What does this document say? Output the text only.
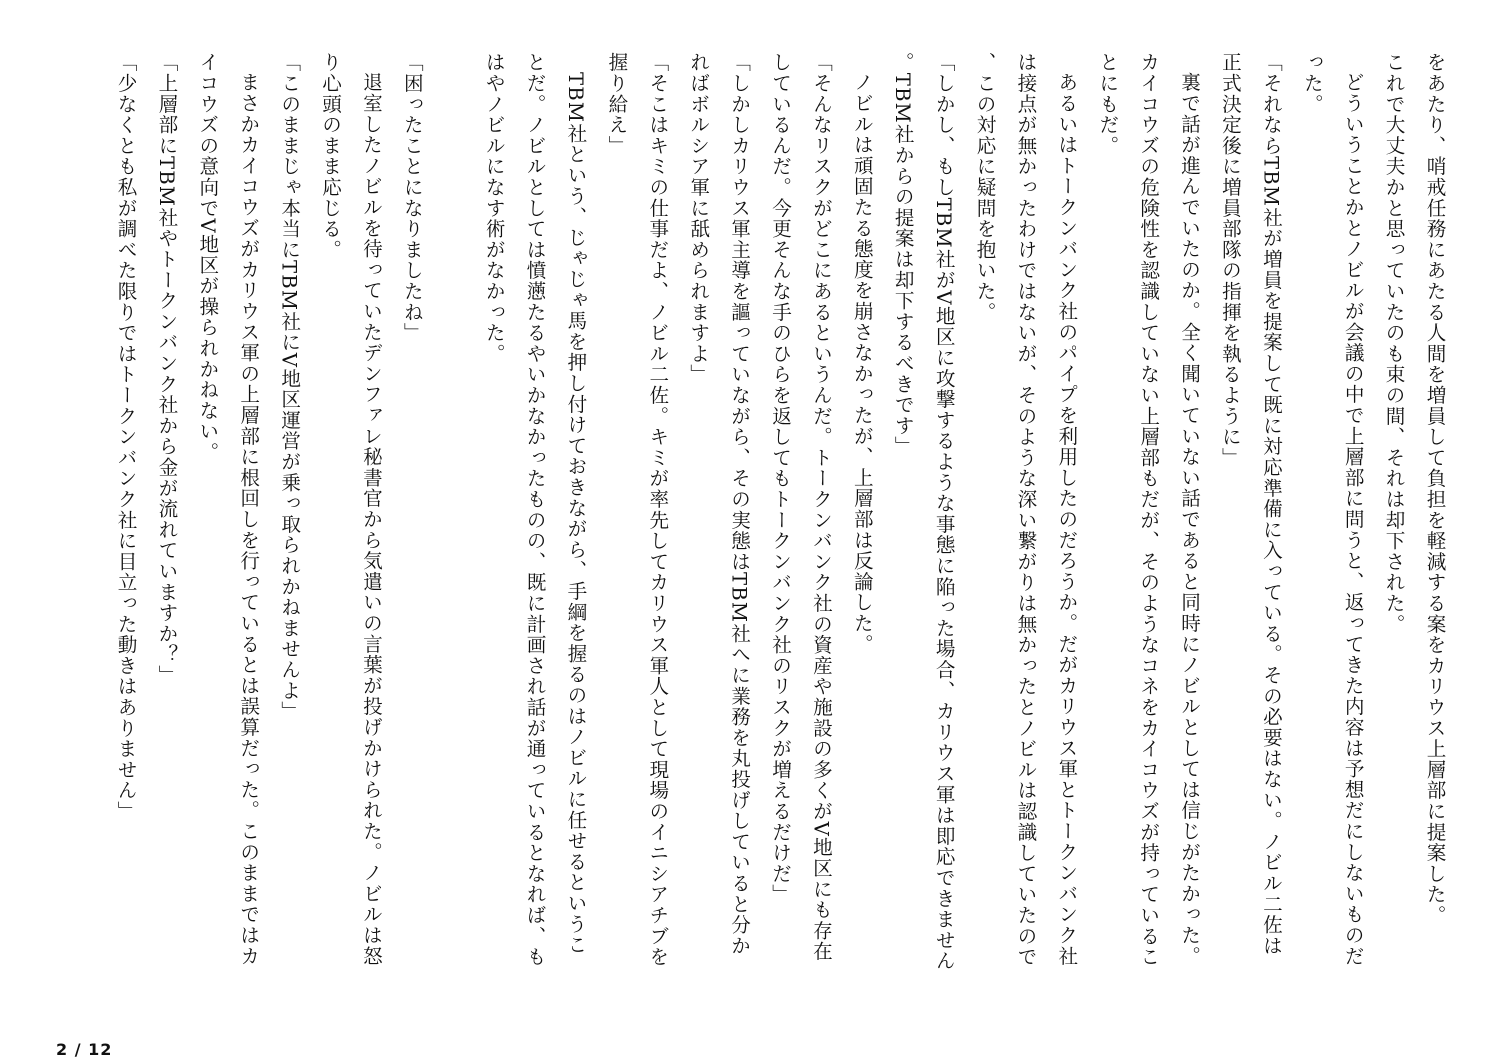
をあたり、哨戒任務にあたる人間を増員して負担を軽減する案をカリウス上層部に提案した。

これで大丈夫かと思っていたのも束の間、それは却下された。

どういうことかとノビルが会議の中で上層部に問うと、返ってきた内容は予想だにしないものだった。

「それならTBM社が増員を提案して既に対応準備に入っている。その必要はない。ノビル二佐は正式決定後に増員部隊の指揮を執るように」

裏で話が進んでいたのか。全く聞いていない話であると同時にノビルとしては信じがたかった。カイコウズの危険性を認識していない上層部もだが、そのようなコネをカイコウズが持っていることにもだ。

あるいはトークンバンク社のパイプを利用したのだろうか。だがカリウス軍とトークンバンク社は接点が無かったわけではないが、そのような深い繋がりは無かったとノビルは認識していたので、この対応に疑問を抱いた。

「しかし、もしTBM社がV地区に攻撃するような事態に陥った場合、カリウス軍は即応できません。TBM社からの提案は却下するべきです」

ノビルは頑固たる態度を崩さなかったが、上層部は反論した。

「そんなリスクがどこにあるというんだ。トークンバンク社の資産や施設の多くがV地区にも存在しているんだ。今更そんな手のひらを返してもトークンバンク社のリスクが増えるだけだ」

「しかしカリウス軍主導を謳っていながら、その実態はTBM社へに業務を丸投げしていると分かればボルシア軍に舐められますよ」

「そこはキミの仕事だよ、ノビル二佐。キミが率先してカリウス軍人として現場のイニシアチブを握り給え」

TBM社という、じゃじゃ馬を押し付けておきながら、手綱を握るのはノビルに任せるということだ。ノビルとしては憤懣たるやいかなかったものの、既に計画され話が通っているとなれば、もはやノビルになす術がなかった。

「困ったことになりましたね」

退室したノビルを待っていたデンファレ秘書官から気遣いの言葉が投げかけられた。ノビルは怒り心頭のまま応じる。

「このままじゃ本当にTBM社にV地区運営が乗っ取られかねませんよ」

まさかカイコウズがカリウス軍の上層部に根回しを行っているとは誤算だった。このままではカイコウズの意向でV地区が操られかねない。

「上層部にTBM社やトークンバンク社から金が流れていますか？」

「少なくとも私が調べた限りではトークンバンク社に目立った動きはありません」

2 / 12
